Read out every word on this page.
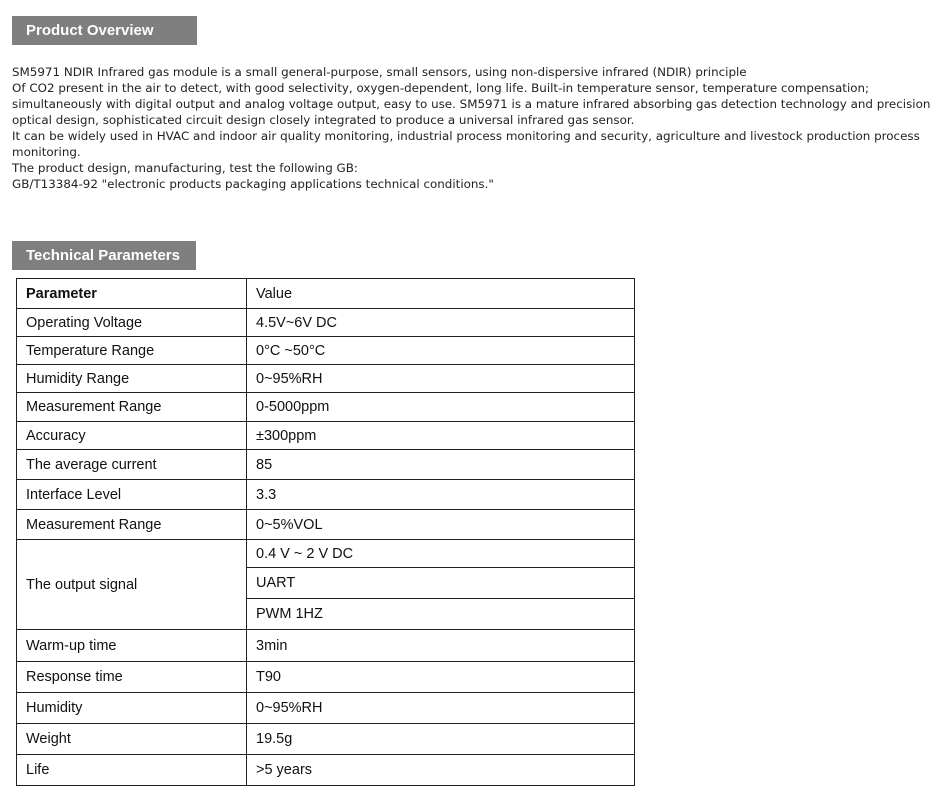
Product Overview

SM5971 NDIR Infrared gas module is a small general-purpose, small sensors, using non-dispersive infrared (NDIR) principle

Of CO2 present in the air to detect, with good selectivity, oxygen-dependent, long life. Built-in temperature sensor, temperature compensation;

simultaneously with digital output and analog voltage output, easy to use. SM5971 is a mature infrared absorbing gas detection technology and precision

optical design, sophisticated circuit design closely integrated to produce a universal infrared gas sensor.

It can be widely used in HVAC and indoor air quality monitoring, industrial process monitoring and security, agriculture and livestock production process

monitoring.

The product design, manufacturing, test the following GB:

GB/T13384-92 "electronic products packaging applications technical conditions."

Technical Parameters
Parameter	Value
Operating Voltage	4.5V~6V DC
Temperature Range	0°C ~50°C
Humidity Range	0~95%RH
Measurement Range	0-5000ppm
Accuracy	±300ppm
The average current	85
Interface Level	3.3
Measurement Range	0~5%VOL
The output signal	0.4 V ~ 2 V DC
	UART
	PWM 1HZ
Warm-up time	3min
Response time	T90
Humidity	0~95%RH
Weight	19.5g
Life	>5 years
